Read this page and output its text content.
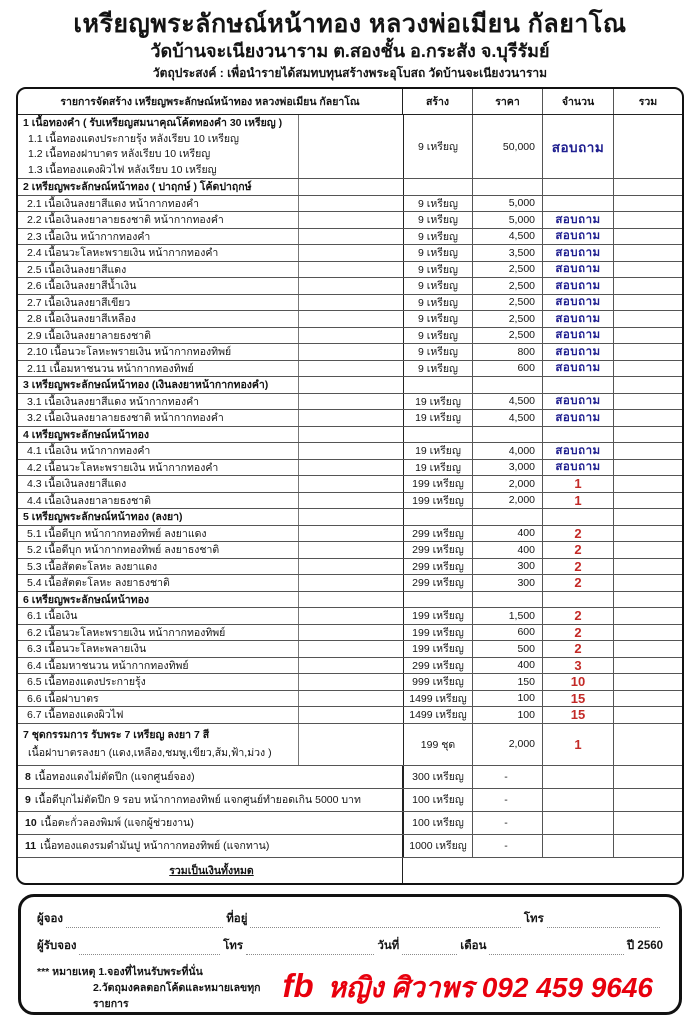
เหรียญพระลักษณ์หน้าทอง หลวงพ่อเมียน กัลยาโณ
วัดบ้านจะเนียงวนาราม ต.สองชั้น อ.กระสัง จ.บุรีรัมย์
วัตถุประสงค์ : เพื่อนำรายได้สมทบทุนสร้างพระอุโบสถ วัดบ้านจะเนียงวนาราม
รายการจัดสร้าง เหรียญพระลักษณ์หน้าทอง หลวงพ่อเมียน กัลยาโณ	สร้าง	ราคา	จำนวน	รวม
1 เนื้อทองคำ ( รับเหรียญสมนาคุณโค้ตทองคำ 30 เหรียญ )
1.1 เนื้อทองแดงประกายรุ้ง หลังเรียบ 10 เหรียญ
1.2 เนื้อทองฝาบาตร หลังเรียบ 10 เหรียญ
1.3 เนื้อทองแดงผิวไฟ หลังเรียบ 10 เหรียญ
9 เหรียญ	50,000	สอบถาม
2 เหรียญพระลักษณ์หน้าทอง ( ปาฤกษ์ ) โค้ดปาฤกษ์
2.1 เนื้อเงินลงยาสีแดง หน้ากากทองคำ	9 เหรียญ	5,000
2.2 เนื้อเงินลงยาลายธงชาติ หน้ากากทองคำ	9 เหรียญ	5,000	สอบถาม
2.3 เนื้อเงิน หน้ากากทองคำ	9 เหรียญ	4,500	สอบถาม
2.4 เนื้อนวะโลหะพรายเงิน หน้ากากทองคำ	9 เหรียญ	3,500	สอบถาม
2.5 เนื้อเงินลงยาสีแดง	9 เหรียญ	2,500	สอบถาม
2.6 เนื้อเงินลงยาสีน้ำเงิน	9 เหรียญ	2,500	สอบถาม
2.7 เนื้อเงินลงยาสีเขียว	9 เหรียญ	2,500	สอบถาม
2.8 เนื้อเงินลงยาสีเหลือง	9 เหรียญ	2,500	สอบถาม
2.9 เนื้อเงินลงยาลายธงชาติ	9 เหรียญ	2,500	สอบถาม
2.10 เนื้อนวะโลหะพรายเงิน หน้ากากทองทิพย์	9 เหรียญ	800	สอบถาม
2.11 เนื้อมหาชนวน หน้ากากทองทิพย์	9 เหรียญ	600	สอบถาม
3 เหรียญพระลักษณ์หน้าทอง (เงินลงยาหน้ากากทองคำ)
3.1 เนื้อเงินลงยาสีแดง หน้ากากทองคำ	19 เหรียญ	4,500	สอบถาม
3.2 เนื้อเงินลงยาลายธงชาติ หน้ากากทองคำ	19 เหรียญ	4,500	สอบถาม
4 เหรียญพระลักษณ์หน้าทอง
4.1 เนื้อเงิน หน้ากากทองคำ	19 เหรียญ	4,000	สอบถาม
4.2 เนื้อนวะโลหะพรายเงิน หน้ากากทองคำ	19 เหรียญ	3,000	สอบถาม
4.3 เนื้อเงินลงยาสีแดง	199 เหรียญ	2,000	1
4.4 เนื้อเงินลงยาลายธงชาติ	199 เหรียญ	2,000	1
5 เหรียญพระลักษณ์หน้าทอง (ลงยา)
5.1 เนื้อดีบุก หน้ากากทองทิพย์ ลงยาแดง	299 เหรียญ	400	2
5.2 เนื้อดีบุก หน้ากากทองทิพย์ ลงยาธงชาติ	299 เหรียญ	400	2
5.3 เนื้อสัตตะโลหะ ลงยาแดง	299 เหรียญ	300	2
5.4 เนื้อสัตตะโลหะ ลงยาธงชาติ	299 เหรียญ	300	2
6 เหรียญพระลักษณ์หน้าทอง
6.1 เนื้อเงิน	199 เหรียญ	1,500	2
6.2 เนื้อนวะโลหะพรายเงิน หน้ากากทองทิพย์	199 เหรียญ	600	2
6.3 เนื้อนวะโลหะพลายเงิน	199 เหรียญ	500	2
6.4 เนื้อมหาชนวน หน้ากากทองทิพย์	299 เหรียญ	400	3
6.5 เนื้อทองแดงประกายรุ้ง	999 เหรียญ	150	10
6.6 เนื้อฝาบาตร	1499 เหรียญ	100	15
6.7 เนื้อทองแดงผิวไฟ	1499 เหรียญ	100	15
7 ชุดกรรมการ รับพระ 7 เหรียญ ลงยา 7 สี
เนื้อฝาบาตรลงยา (แดง,เหลือง,ชมพู,เขียว,ส้ม,ฟ้า,ม่วง )
199 ชุด	2,000	1
8 เนื้อทองแดงไม่ตัดปีก (แจกศูนย์จอง)	300 เหรียญ	-
9 เนื้อดีบุกไม่ตัดปีก 9 รอบ หน้ากากทองทิพย์ แจกศูนย์ทำยอดเกิน 5000 บาท	100 เหรียญ	-
10 เนื้อตะกั่วลองพิมพ์ (แจกผู้ช่วยงาน)	100 เหรียญ	-
11 เนื้อทองแดงรมดำมันปู หน้ากากทองทิพย์ (แจกทาน)	1000 เหรียญ	-
รวมเป็นเงินทั้งหมด
ผู้จอง	ที่อยู่	โทร
ผู้รับจอง	โทร	วันที่	เดือน	ปี 2560
*** หมายเหตุ 1.จองที่ไหนรับพระที่นั่น
2.วัตถุมงคลตอกโค้ดและหมายเลขทุกรายการ	fb หญิง ศิวาพร 092 459 9646
